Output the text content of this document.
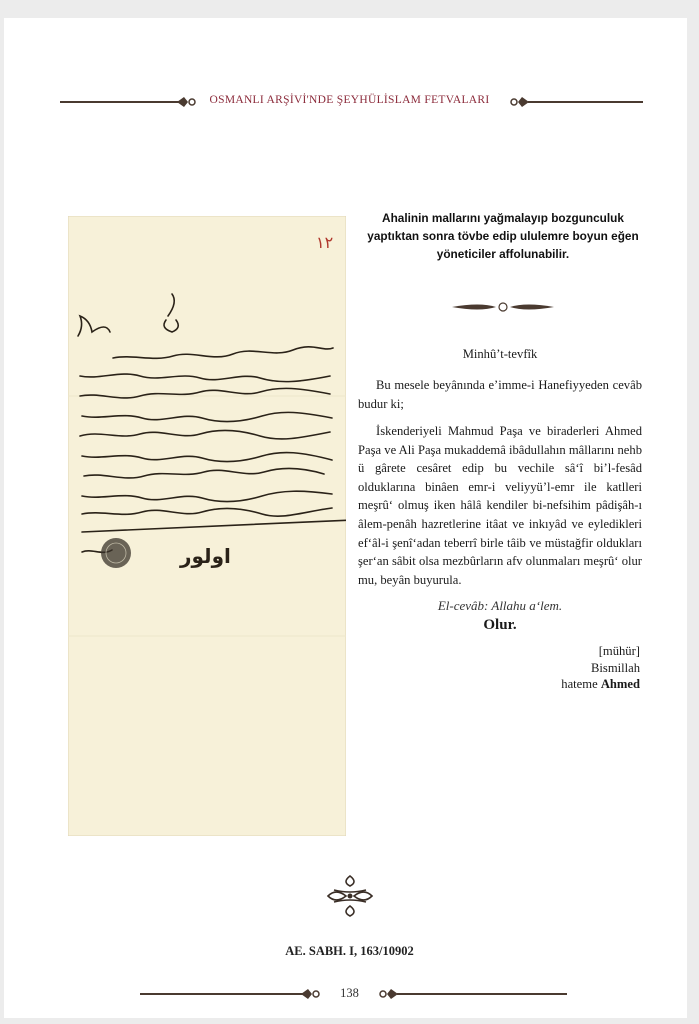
OSMANLI ARŞİVİ'NDE ŞEYHÜLİSLAM FETVALARI
١٢
اولور
Ahalinin mallarını yağmalayıp bozgunculuk
yaptıktan sonra tövbe edip ululemre boyun eğen
yöneticiler affolunabilir.
Minhû’t-tevfîk
Bu mesele beyânında e’imme-i Hanefiyyeden cevâb budur ki;
İskenderiyeli Mahmud Paşa ve biraderleri Ahmed Paşa ve Ali Paşa mukaddemâ ibâdullahın mâllarını nehb ü gârete cesâret edip bu vechile sâ‘î bi’l-fesâd olduklarına binâen emr-i veliyyü’l-emr ile katlleri meşrû‘ olmuş iken hâlâ kendiler bi-nefsihim pâdişâh-ı âlem-penâh hazretlerine itâat ve inkıyâd ve eyledikleri ef‘âl-i şenî‘adan teberrî birle tâib ve müstağfir oldukları şer‘an sâbit olsa mezbûrların afv olunmaları meşrû‘ olur mu, beyân buyurula.
El-cevâb: Allahu a‘lem.
Olur.
[mühür]
Bismillah
hateme Ahmed
AE. SABH. I, 163/10902
138
